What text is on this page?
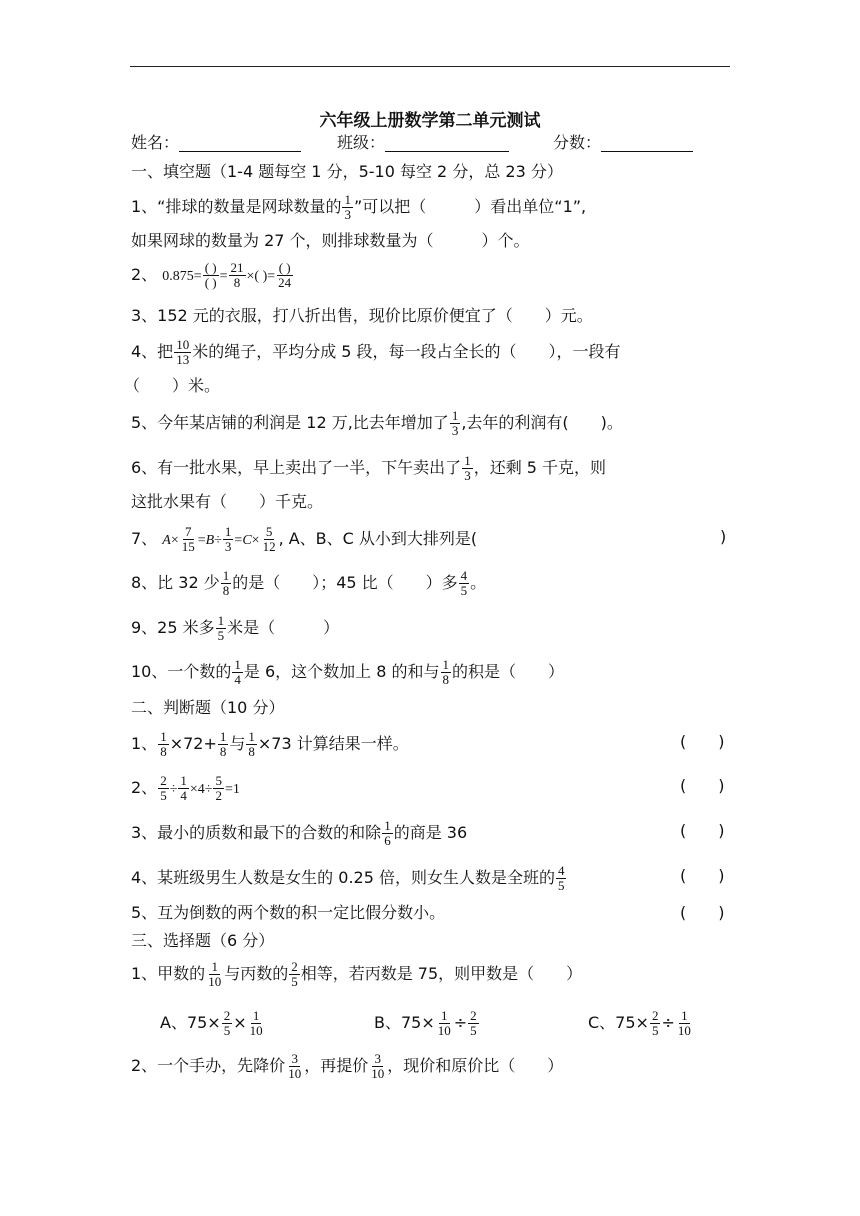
六年级上册数学第二单元测试
姓名：	班级：	分数：
一、填空题（1-4 题每空 1 分，5-10 每空 2 分，总 23 分）
1、“排球的数量是网球数量的 $\frac{1}{3}$ ”可以把（　　　）看出单位“1”,
如果网球的数量为 27 个，则排球数量为（　　　）个。
2、 $0.875= \frac{( )}{( )} = \frac{21}{8}$ ×( )= $\frac{( )}{24}$
3、152 元的衣服，打八折出售，现价比原价便宜了（　　）元。
4、把 $\frac{10}{13}$ 米的绳子，平均分成 5 段，每一段占全长的（　　），一段有
（　　）米。
5、今年某店铺的利润是 12 万,比去年增加了 $\frac{1}{3}$ ,去年的利润有(　　)。
6、有一批水果，早上卖出了一半，下午卖出了 $\frac{1}{3}$ ，还剩 5 千克，则
这批水果有（　　）千克。
7、 $A\times \frac{7}{15} =B\div \frac{1}{3} =C\times \frac{5}{12}$ , A、B、C 从小到大排列是(	)
8、比 32 少 $\frac{1}{8}$ 的是（　　）；45 比（　　）多 $\frac{4}{5}$ 。
9、25 米多 $\frac{1}{5}$ 米是（　　　）
10、一个数的 $\frac{1}{4}$ 是 6，这个数加上 8 的和与 $\frac{1}{8}$ 的积是（　　）
二、判断题（10 分）
1、 $\frac{1}{8} \times 72+ \frac{1}{8}$ 与 $\frac{1}{8} \times 73$ 计算结果一样。	(　　)
2、 $\frac{2}{5} \div \frac{1}{4} \times 4\div \frac{5}{2} =1$	(　　)
3、最小的质数和最下的合数的和除 $\frac{1}{6}$ 的商是 36	(　　)
4、某班级男生人数是女生的 0.25 倍，则女生人数是全班的 $\frac{4}{5}$	(　　)
5、互为倒数的两个数的积一定比假分数小。	(　　)
三、选择题（6 分）
1、甲数的 $\frac{1}{10}$ 与丙数的 $\frac{2}{5}$ 相等，若丙数是 75，则甲数是（　　）
A、$75\times \frac{2}{5} \times \frac{1}{10}$	B、$75\times \frac{1}{10} \div \frac{2}{5}$	C、$75\times \frac{2}{5} \div \frac{1}{10}$
2、一个手办，先降价 $\frac{3}{10}$ ，再提价 $\frac{3}{10}$ ，现价和原价比（　　）
